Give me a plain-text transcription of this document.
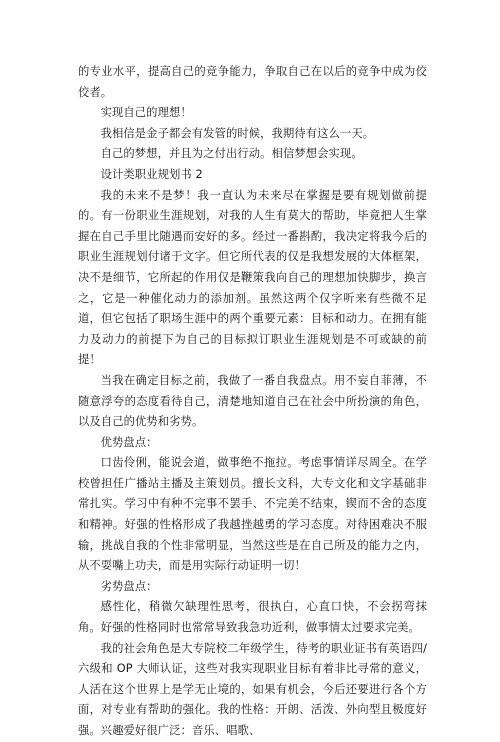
的专业水平，提高自己的竞争能力，争取自己在以后的竞争中成为佼佼者。

实现自己的理想！

我相信是金子都会有发管的时候，我期待有这么一天。

自己的梦想，并且为之付出行动。相信梦想会实现。

设计类职业规划书 2

我的未来不是梦！我一直认为未来尽在掌握是要有规划做前提的。有一份职业生涯规划，对我的人生有莫大的帮助，毕竟把人生掌握在自己手里比随遇而安好的多。经过一番斟酌，我决定将我今后的职业生涯规划付诸于文字。但它所代表的仅是我想发展的大体框架，决不是细节，它所起的作用仅是鞭策我向自己的理想加快脚步，换言之，它是一种催化动力的添加剂。虽然这两个仅字听来有些微不足道，但它包括了职场生涯中的两个重要元素：目标和动力。在拥有能力及动力的前提下为自己的目标拟订职业生涯规划是不可或缺的前提！

当我在确定目标之前，我做了一番自我盘点。用不妄自菲薄，不随意浮夸的态度看待自己，清楚地知道自己在社会中所扮演的角色，以及自己的优势和劣势。

优势盘点：

口齿伶俐，能说会道，做事绝不拖拉。考虑事情详尽周全。在学校曾担任广播站主播及主策划员。擅长文科，大专文化和文字基础非常扎实。学习中有种不完事不罢手、不完美不结束，锲而不舍的态度和精神。好强的性格形成了我越挫越勇的学习态度。对待困难决不服输，挑战自我的个性非常明显，当然这些是在自己所及的能力之内，从不耍嘴上功夫，而是用实际行动证明一切！

劣势盘点：

感性化，稍微欠缺理性思考，很执白，心直口快，不会拐弯抹角。好强的性格同时也常常导致我急功近利，做事情太过要求完美。

我的社会角色是大专院校二年级学生，待考的职业证书有英语四/六级和 OP 大师认证，这些对我实现职业目标有着非比寻常的意义，人活在这个世界上是学无止境的，如果有机会，今后还要进行各个方面，对专业有帮助的强化。我的性格：开朗、活泼、外向型且极度好强。兴趣爱好很广泛：音乐、唱歌、
